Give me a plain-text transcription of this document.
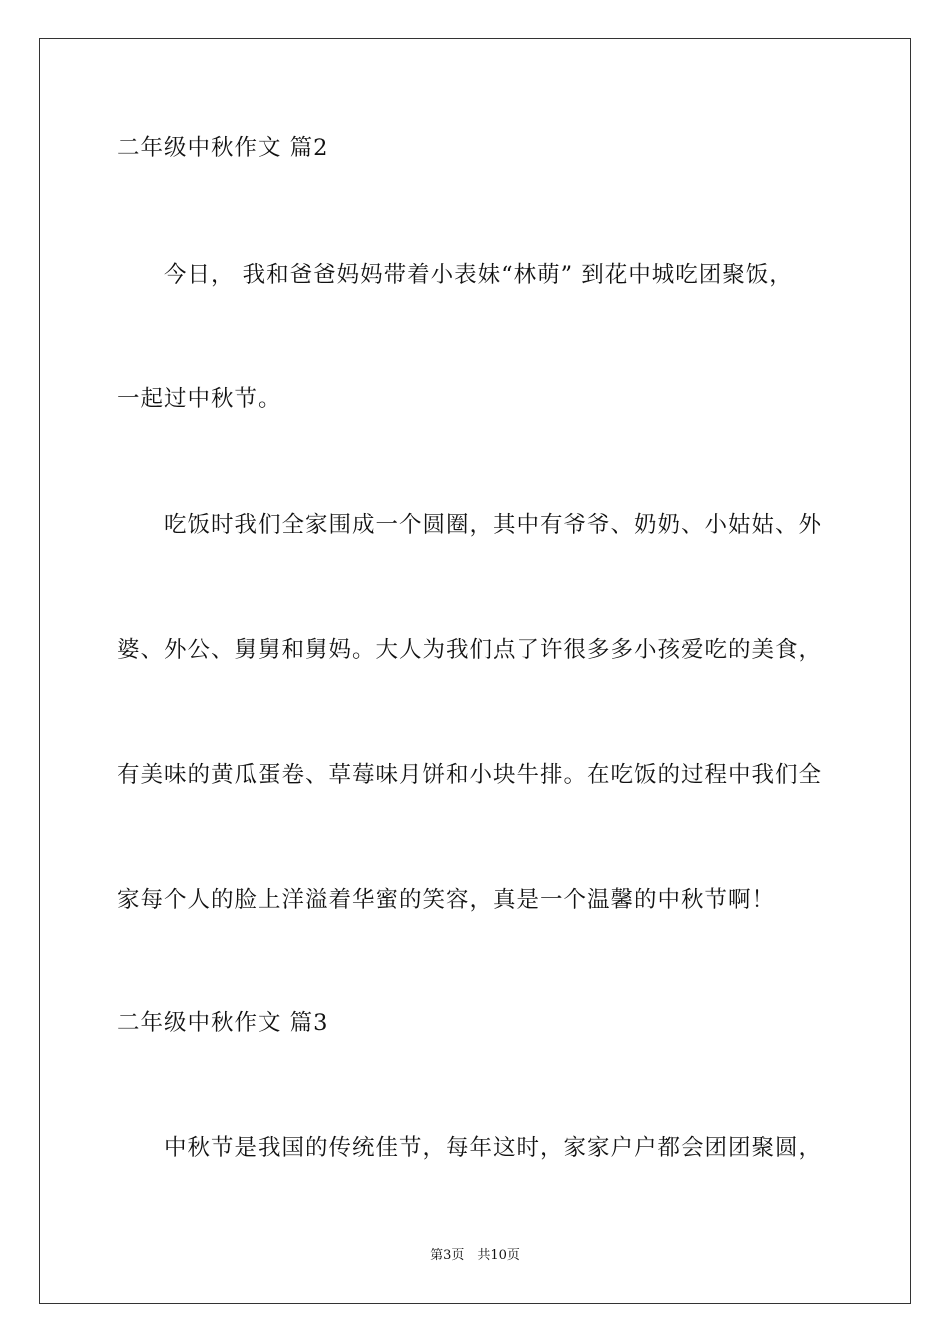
二年级中秋作文 篇2
　　今日， 我和爸爸妈妈带着小表妹“林萌” 到花中城吃团聚饭，
一起过中秋节。
　　吃饭时我们全家围成一个圆圈，其中有爷爷、奶奶、小姑姑、外
婆、外公、舅舅和舅妈。大人为我们点了许很多多小孩爱吃的美食，
有美味的黄瓜蛋卷、草莓味月饼和小块牛排。在吃饭的过程中我们全
家每个人的脸上洋溢着华蜜的笑容，真是一个温馨的中秋节啊！
二年级中秋作文 篇3
　　中秋节是我国的传统佳节，每年这时，家家户户都会团团聚圆，
第3页　共10页
